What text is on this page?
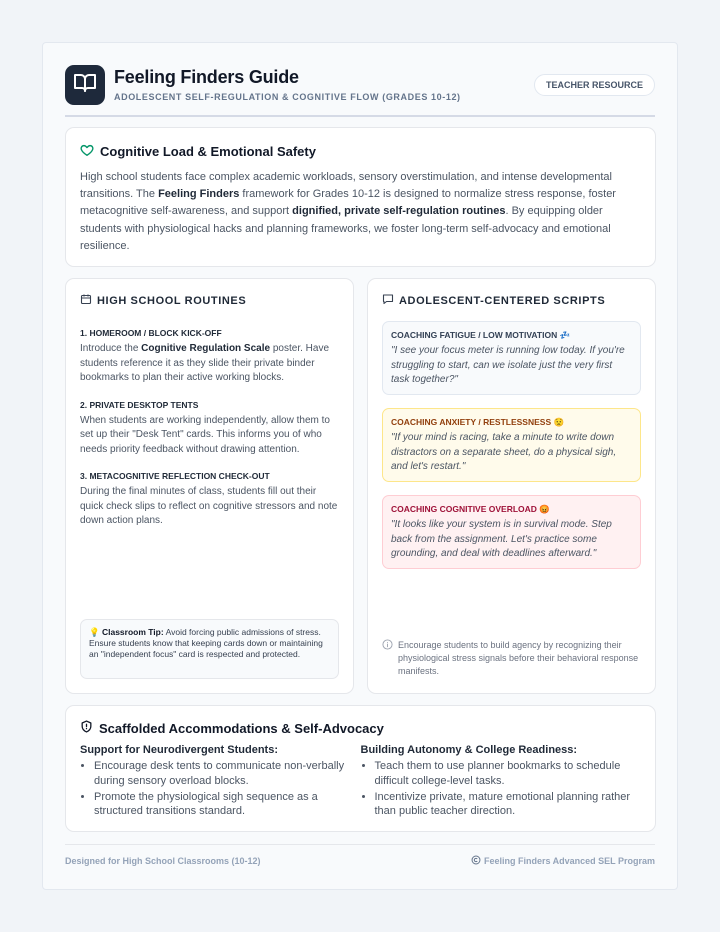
Feeling Finders Guide
ADOLESCENT SELF-REGULATION & COGNITIVE FLOW (GRADES 10-12)
TEACHER RESOURCE
Cognitive Load & Emotional Safety

High school students face complex academic workloads, sensory overstimulation, and intense developmental transitions. The Feeling Finders framework for Grades 10-12 is designed to normalize stress response, foster metacognitive self-awareness, and support dignified, private self-regulation routines. By equipping older students with physiological hacks and planning frameworks, we foster long-term self-advocacy and emotional resilience.

HIGH SCHOOL ROUTINES
1. HOMEROOM / BLOCK KICK-OFF
Introduce the Cognitive Regulation Scale poster. Have students reference it as they slide their private binder bookmarks to plan their active working blocks.
2. PRIVATE DESKTOP TENTS
When students are working independently, allow them to set up their "Desk Tent" cards. This informs you of who needs priority feedback without drawing attention.
3. METACOGNITIVE REFLECTION CHECK-OUT
During the final minutes of class, students fill out their quick check slips to reflect on cognitive stressors and note down action plans.
💡 Classroom Tip: Avoid forcing public admissions of stress. Ensure students know that keeping cards down or maintaining an "independent focus" card is respected and protected.
ADOLESCENT-CENTERED SCRIPTS
COACHING FATIGUE / LOW MOTIVATION 💤
"I see your focus meter is running low today. If you're struggling to start, can we isolate just the very first task together?"
COACHING ANXIETY / RESTLESSNESS 😟
"If your mind is racing, take a minute to write down distractors on a separate sheet, do a physical sigh, and let's restart."
COACHING COGNITIVE OVERLOAD 😡
"It looks like your system is in survival mode. Step back from the assignment. Let's practice some grounding, and deal with deadlines afterward."
Encourage students to build agency by recognizing their physiological stress signals before their behavioral response manifests.
Scaffolded Accommodations & Self-Advocacy
Support for Neurodivergent Students:
• Encourage desk tents to communicate non-verbally during sensory overload blocks.
• Promote the physiological sigh sequence as a structured transitions standard.
Building Autonomy & College Readiness:
• Teach them to use planner bookmarks to schedule difficult college-level tasks.
• Incentivize private, mature emotional planning rather than public teacher direction.
Designed for High School Classrooms (10-12)	Feeling Finders Advanced SEL Program
